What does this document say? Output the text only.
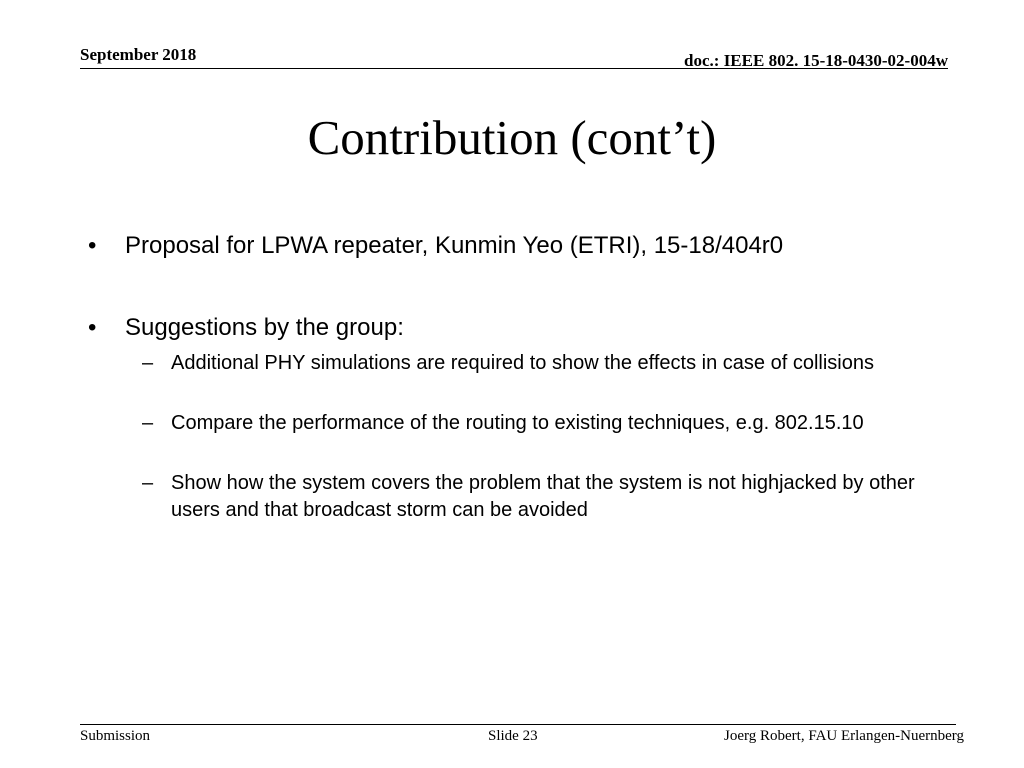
September 2018	doc.: IEEE 802. 15-18-0430-02-004w
Contribution (cont’t)
• Proposal for LPWA repeater, Kunmin Yeo (ETRI), 15-18/404r0
• Suggestions by the group:
– Additional PHY simulations are required to show the effects in case of collisions
– Compare the performance of the routing to existing techniques, e.g. 802.15.10
– Show how the system covers the problem that the system is not highjacked by other users and that broadcast storm can be avoided
Submission	Slide 23	Joerg Robert, FAU Erlangen-Nuernberg
